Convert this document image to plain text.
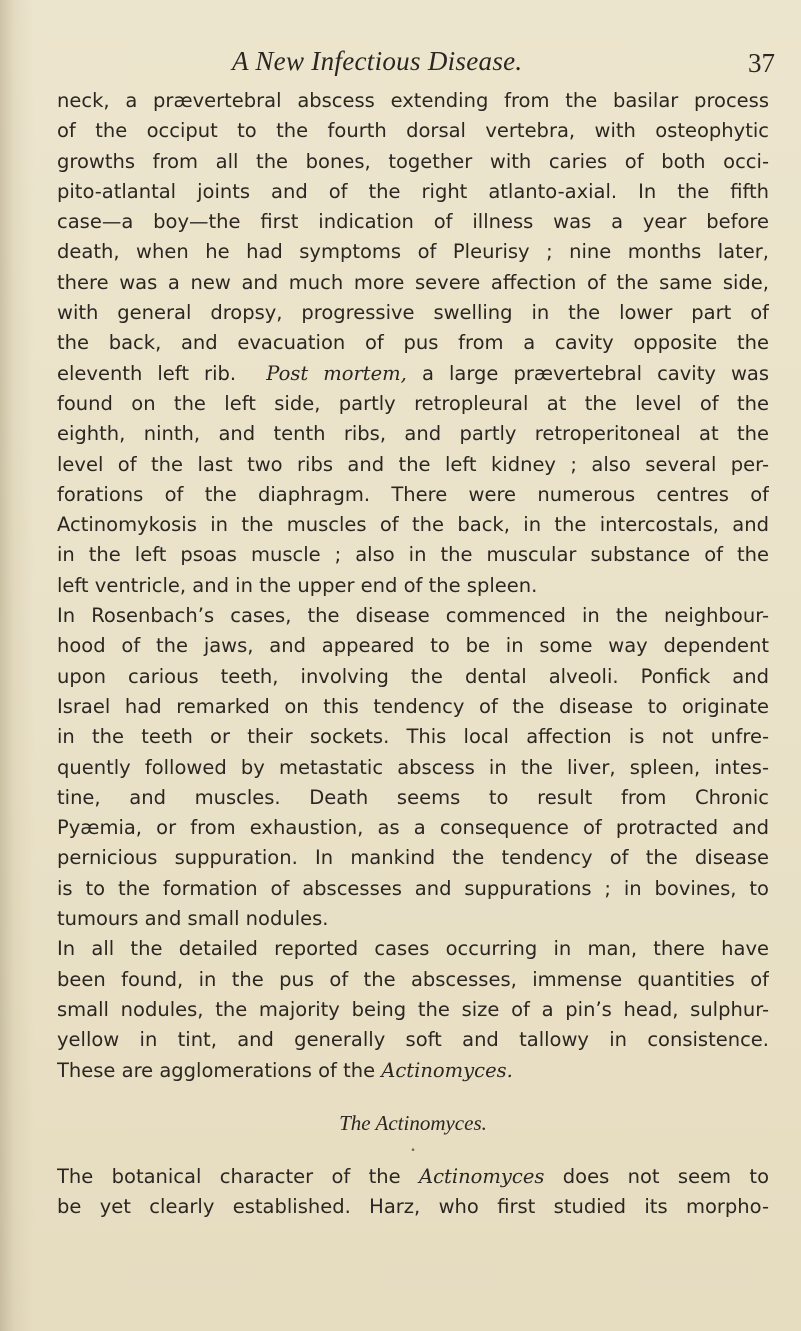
A New Infectious Disease.	37
neck, a prævertebral abscess extending from the basilar process
of the occiput to the fourth dorsal vertebra, with osteophytic
growths from all the bones, together with caries of both occi-
pito-atlantal joints and of the right atlanto-axial. In the fifth
case—a boy—the first indication of illness was a year before
death, when he had symptoms of Pleurisy ; nine months later,
there was a new and much more severe affection of the same side,
with general dropsy, progressive swelling in the lower part of
the back, and evacuation of pus from a cavity opposite the
eleventh left rib. Post mortem, a large prævertebral cavity was
found on the left side, partly retropleural at the level of the
eighth, ninth, and tenth ribs, and partly retroperitoneal at the
level of the last two ribs and the left kidney ; also several per-
forations of the diaphragm. There were numerous centres of
Actinomykosis in the muscles of the back, in the intercostals, and
in the left psoas muscle ; also in the muscular substance of the
left ventricle, and in the upper end of the spleen.
In Rosenbach’s cases, the disease commenced in the neighbour-
hood of the jaws, and appeared to be in some way dependent
upon carious teeth, involving the dental alveoli. Ponfick and
Israel had remarked on this tendency of the disease to originate
in the teeth or their sockets. This local affection is not unfre-
quently followed by metastatic abscess in the liver, spleen, intes-
tine, and muscles. Death seems to result from Chronic
Pyæmia, or from exhaustion, as a consequence of protracted and
pernicious suppuration. In mankind the tendency of the disease
is to the formation of abscesses and suppurations ; in bovines, to
tumours and small nodules.
In all the detailed reported cases occurring in man, there have
been found, in the pus of the abscesses, immense quantities of
small nodules, the majority being the size of a pin’s head, sulphur-
yellow in tint, and generally soft and tallowy in consistence.
These are agglomerations of the Actinomyces.
The Actinomyces.
•
The botanical character of the Actinomyces does not seem to
be yet clearly established. Harz, who first studied its morpho-
